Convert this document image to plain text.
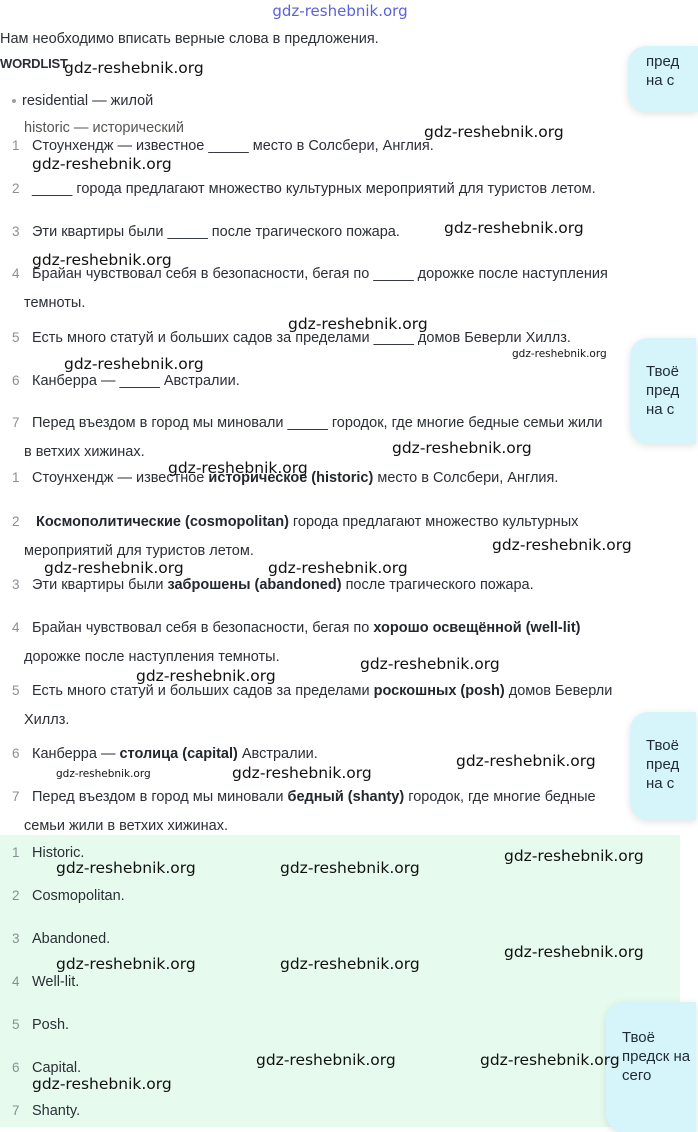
gdz-reshebnik.org
Нам необходимо вписать верные слова в предложения.
WORDLIST
residential — жилой
historic — исторический
1 Стоунхендж — известное _____ место в Солсбери, Англия.
2 _____ города предлагают множество культурных мероприятий для туристов летом.
3 Эти квартиры были _____ после трагического пожара.
4 Брайан чувствовал себя в безопасности, бегая по _____ дорожке после наступления
темноты.
5 Есть много статуй и больших садов за пределами _____ домов Беверли Хиллз.
6 Канберра — _____ Австралии.
7 Перед въездом в город мы миновали _____ городок, где многие бедные семьи жили
в ветхих хижинах.
1 Стоунхендж — известное историческое (historic) место в Солсбери, Англия.
2 Космополитические (cosmopolitan) города предлагают множество культурных
мероприятий для туристов летом.
3 Эти квартиры были заброшены (abandoned) после трагического пожара.
4 Брайан чувствовал себя в безопасности, бегая по хорошо освещённой (well-lit)
дорожке после наступления темноты.
5 Есть много статуй и больших садов за пределами роскошных (posh) домов Беверли
Хиллз.
6 Канберра — столица (capital) Австралии.
7 Перед въездом в город мы миновали бедный (shanty) городок, где многие бедные
семьи жили в ветхих хижинах.
1 Historic.
2 Cosmopolitan.
3 Abandoned.
4 Well-lit.
5 Posh.
6 Capital.
7 Shanty.
пред на с
Твоё пред на с
Твоё пред на с
Твоё предск на сего
gdz-reshebnik.org
gdz-reshebnik.org
gdz-reshebnik.org
gdz-reshebnik.org
gdz-reshebnik.org
gdz-reshebnik.org
gdz-reshebnik.org
gdz-reshebnik.org
gdz-reshebnik.org
gdz-reshebnik.org
gdz-reshebnik.org
gdz-reshebnik.org	gdz-reshebnik.org
gdz-reshebnik.org
gdz-reshebnik.org
gdz-reshebnik.org
gdz-reshebnik.org	gdz-reshebnik.org
gdz-reshebnik.org
gdz-reshebnik.org	gdz-reshebnik.org
gdz-reshebnik.org
gdz-reshebnik.org	gdz-reshebnik.org
gdz-reshebnik.org	gdz-reshebnik.org
gdz-reshebnik.org
